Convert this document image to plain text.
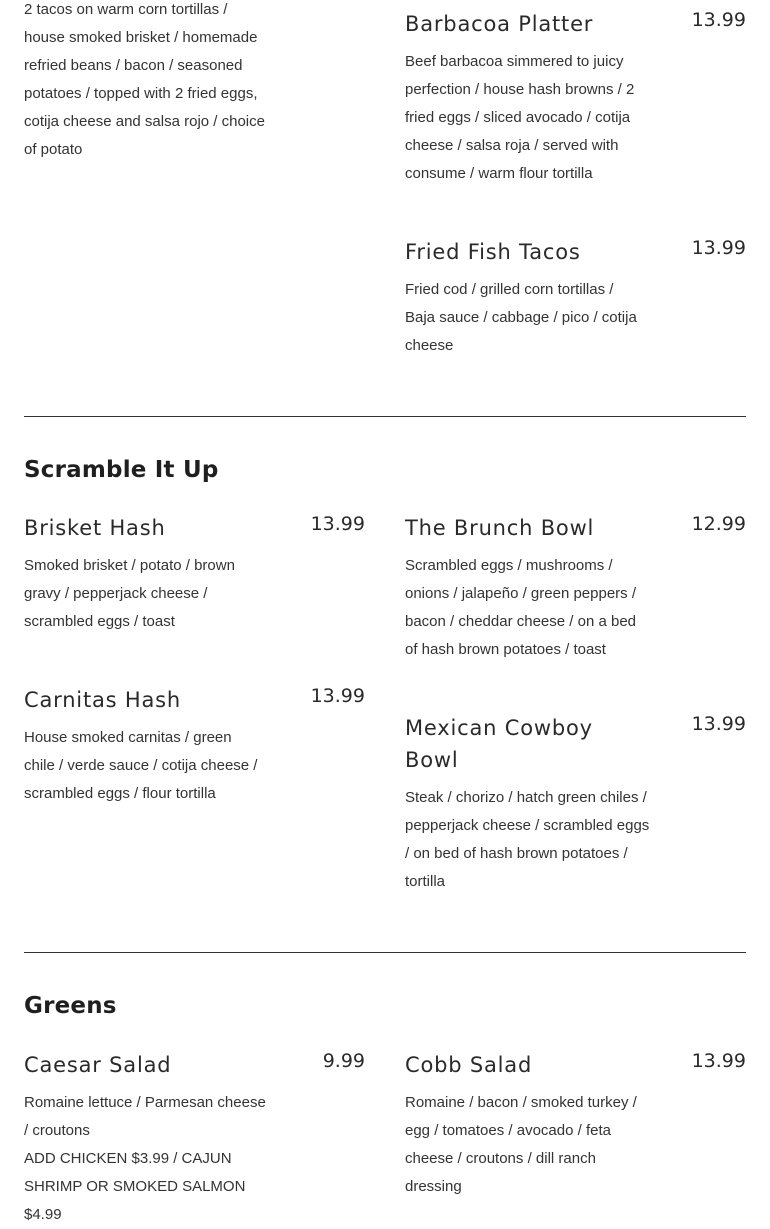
2 tacos on warm corn tortillas / house smoked brisket / homemade refried beans / bacon / seasoned potatoes / topped with 2 fried eggs, cotija cheese and salsa rojo / choice of potato

Barbacoa Platter	13.99

Beef barbacoa simmered to juicy perfection / house hash browns / 2 fried eggs / sliced avocado / cotija cheese / salsa roja / served with consume / warm flour tortilla

Fried Fish Tacos	13.99

Fried cod / grilled corn tortillas / Baja sauce / cabbage / pico / cotija cheese

Scramble It Up
Brisket Hash	13.99

Smoked brisket / potato / brown gravy / pepperjack cheese / scrambled eggs / toast

The Brunch Bowl	12.99

Scrambled eggs / mushrooms / onions / jalapeño / green peppers / bacon / cheddar cheese / on a bed of hash brown potatoes / toast

Carnitas Hash	13.99

House smoked carnitas / green chile / verde sauce / cotija cheese / scrambled eggs / flour tortilla

Mexican Cowboy Bowl
13.99

Steak / chorizo / hatch green chiles / pepperjack cheese / scrambled eggs / on bed of hash brown potatoes / tortilla

Greens
Caesar Salad	9.99

Romaine lettuce / Parmesan cheese / croutons
ADD CHICKEN $3.99 / CAJUN SHRIMP OR SMOKED SALMON $4.99

Cobb Salad	13.99

Romaine / bacon / smoked turkey / egg / tomatoes / avocado / feta cheese / croutons / dill ranch dressing
